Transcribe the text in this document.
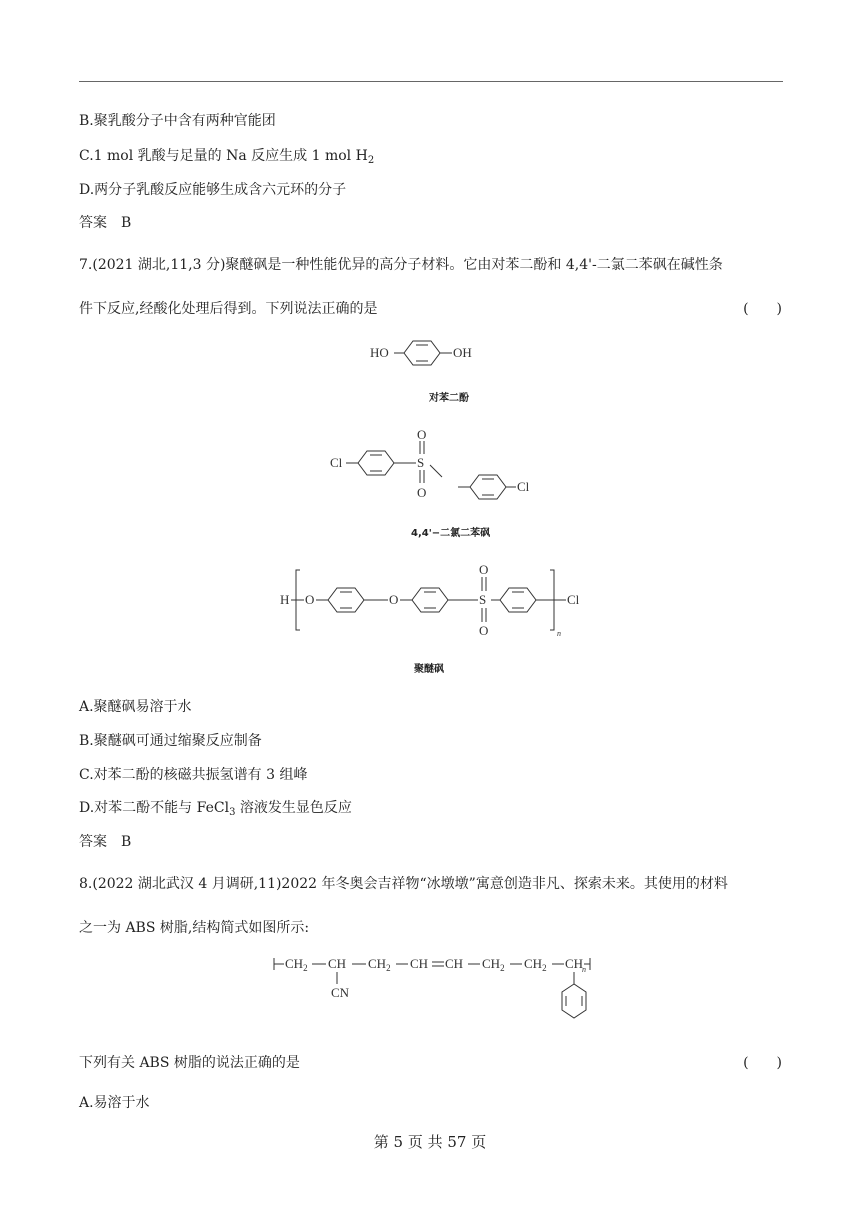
B.聚乳酸分子中含有两种官能团
C.1 mol 乳酸与足量的 Na 反应生成 1 mol $H_2$
D.两分子乳酸反应能够生成含六元环的分子
答案　B
7.(2021 湖北,11,3 分)聚醚砜是一种性能优异的高分子材料。它由对苯二酚和 4,4'-二氯二苯砜在碱性条
件下反应,经酸化处理后得到。下列说法正确的是	(　　)
HO	OH
对苯二酚
Cl	S
O
O	Cl
4,4'−二氯二苯砜
H O	O	S
O
O	n
Cl
聚醚砜
A.聚醚砜易溶于水
B.聚醚砜可通过缩聚反应制备
C.对苯二酚的核磁共振氢谱有 3 组峰
D.对苯二酚不能与 FeCl$_3$ 溶液发生显色反应
答案　B
8.(2022 湖北武汉 4 月调研,11)2022 年冬奥会吉祥物“冰墩墩”寓意创造非凡、探索未来。其使用的材料
之一为 ABS 树脂,结构简式如图所示:
$CH_2$ CH
CN
$CH_2$ CH CH $CH_2$ $CH_2$ CH
n
下列有关 ABS 树脂的说法正确的是	(　　)
A.易溶于水
第 5 页 共 57 页
